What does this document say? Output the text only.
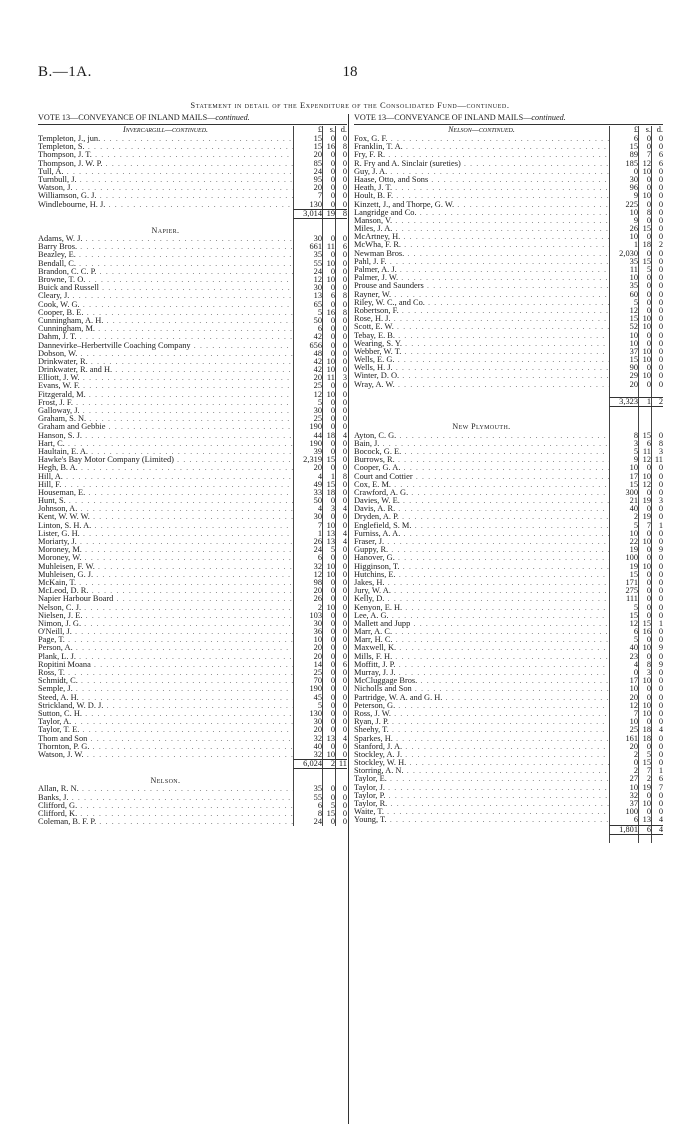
B.—1A.	18
Statement in detail of the Expenditure of the Consolidated Fund—continued.
VOTE 13—CONVEYANCE OF INLAND MAILS—continued.
Invercargill—continued.	£ s. d.
Templeton, J., jun. . . .	15	0 0
Templeton, S. . . .	15 16 8
Thompson, J. T. . . .	20	0 0
Thompson, J. W. P. . . .	85	0 0
Tull, A. . . .	24	0 0
Turnbull, J. . . .	95	0 0
Watson, J. . . .	20	0 0
Williamson, G. J. . . .	7	0 0
Windlebourne, H. J. . . .	130	0 0
3,014 19 8
Napier.
Adams, W. J. . . .	30	0 0
Barry Bros. . . .	661 11 6
Beazley, E. . . .	35	0 0
Bendall, C. . . .	55 10 0
Brandon, C. C. P. . . .	24	0 0
Browne, T. O. . . .	12 10 0
Buick and Russell . . .	30	0 0
Cleary, J. . . .	13	6 8
Cook, W. G. . . .	65	0 0
Cooper, B. E. . . .	5 16 8
Cunningham, A. H. . . .	50	0 0
Cunningham, M. . . .	6	0 0
Dahm, J. T. . . .	42	0 0
Dannevirke–Herbertville Coaching Company . . .	656	0 0
Dobson, W. . . .	48	0 0
Drinkwater, R. . . .	42 10 0
Drinkwater, R. and H. . . .	42 10 0
Elliott, J. W. . . .	20 11 3
Evans, W. F. . . .	25	0 0
Fitzgerald, M. . . .	12 10 0
Frost, J. F. . . .	5	0 0
Galloway, J. . . .	30	0 0
Graham, S. N. . . .	25	0 0
Graham and Gebbie . . .	190	0 0
Hanson, S. J. . . .	44 18 4
Hart, C. . . .	190	0 0
Haultain, E. A. . . .	39	0 0
Hawke's Bay Motor Company (Limited) . . .	2,319 15 0
Hegh, B. A. . . .	20	0 0
Hill, A. . . .	4	1 8
Hill, F. . . .	49 15 0
Houseman, E. . . .	33 18 0
Hunt, S. . . .	50	0 0
Johnson, A. . . .	4	3 4
Kent, W. W. W. . . .	30	0 0
Linton, S. H. A. . . .	7 10 0
Lister, G. H. . . .	1 13 4
Moriarty, J. . . .	26 13 4
Moroney, M. . . .	24	5 0
Moroney, W. . . .	6	0 0
Muhleisen, F. W. . . .	32 10 0
Muhleisen, G. J. . . .	12 10 0
McKain, T. . . .	98	0 0
McLeod, D. R. . . .	20	0 0
Napier Harbour Board . . .	26	0 0
Nelson, C. J. . . .	2 10 0
Nielsen, J. E. . . .	103	0 0
Nimon, J. G. . . .	30	0 0
O'Neill, J. . . .	36	0 0
Page, T. . . .	10	0 0
Person, A. . . .	20	0 0
Plank, L. J. . . .	20	0 0
Ropitini Moana . . .	14	0 6
Ross, T. . . .	25	0 0
Schmidt, C. . . .	70	0 0
Semple, J. . . .	190	0 0
Steed, A. H. . . .	45	0 0
Strickland, W. D. J. . . .	5	0 0
Sutton, C. H. . . .	130	0 0
Taylor, A. . . .	30	0 0
Taylor, T. E. . . .	20	0 0
Thom and Son . . .	32 13 4
Thornton, P. G. . . .	40	0 0
Watson, J. W. . . .	32 10 0
6,024	2 11
Nelson.
Allan, R. N. . . .	35	0 0
Banks, J. . . .	55	0 0
Clifford, G. . . .	6	5 0
Clifford, K. . . .	8 15 0
Coleman, B. F. P. . . .	24	0 0
VOTE 13—CONVEYANCE OF INLAND MAILS—continued.
Nelson—continued.	£ s. d.
Fox, G. F. . . .	6	0 0
Franklin, T. A. . . .	15	0 0
Fry, F. R. . . .	89	7 6
R. Fry and A. Sinclair (sureties) . . .	185 12 6
Guy, J. A. . . .	0 10 0
Haase, Otto, and Sons . . .	30	0 0
Heath, J. T. . . .	96	0 0
Hoult, B. F. . . .	9 10 0
Kinzett, J., and Thorpe, G. W. . . .	225	0 0
Langridge and Co. . . .	10	8 0
Manson, V. . . .	9	0 0
Miles, J. A. . . .	26 15 0
McArtney, H. . . .	10	0 0
McWha, F. R. . . .	1 18 2
Newman Bros. . . .	2,030	0 0
Pahl, J. F. . . .	35 15 0
Palmer, A. J. . . .	11	5 0
Palmer, J. W. . . .	10	0 0
Prouse and Saunders . . .	35	0 0
Rayner, W. . . .	60	0 0
Riley, W. C., and Co. . . .	5	0 0
Robertson, F. . . .	12	0 0
Rose, H. J. . . .	15 10 0
Scott, E. W. . . .	52 10 0
Tebay, E. B. . . .	10	0 0
Wearing, S. Y. . . .	10	0 0
Webber, W. T. . . .	37 10 0
Wells, E. G. . . .	15 10 0
Wells, H. J. . . .	90	0 0
Winter, D. O. . . .	29 10 0
Wray, A. W. . . .	20	0 0
3,323	1 2
New Plymouth.
Ayton, C. G. . . .	8 15 0
Bain, J. . . .	3	6 8
Bocock, G. E. . . .	5 11 3
Burrows, R. . . .	9 12 11
Cooper, G. A. . . .	10	0 0
Court and Cottier . . .	17 10 0
Cox, E. M. . . .	15 12 0
Crawford, A. G. . . .	300	0 0
Davies, W. E. . . .	21 19 3
Davis, A. R. . . .	40	0 0
Dryden, A. P. . . .	2 19 0
Englefield, S. M. . . .	5	7 1
Furniss, A. A. . . .	10	0 0
Fraser, J. . . .	22 10 0
Guppy, R. . . .	19	0 9
Hanover, G. . . .	100	0 0
Higginson, T. . . .	19 10 0
Hutchins, E. . . .	15	0 0
Jakes, H. . . .	171	0 0
Jury, W. A. . . .	275	0 0
Kelly, D. . . .	111	0 0
Kenyon, E. H. . . .	5	0 0
Lee, A. G. . . .	15	0 0
Mallett and Jupp . . .	12 15 1
Marr, A. C. . . .	6 16 0
Marr, H. C. . . .	5	0 0
Maxwell, K. . . .	40 10 9
Mills, F. H. . . .	23	0 0
Moffitt, J. P. . . .	4	8 9
Murray, J. J. . . .	0	3 0
McCluggage Bros. . . .	17 10 0
Nicholls and Son . . .	10	0 0
Partridge, W. A. and G. H. . . .	20	0 0
Peterson, G. . . .	12 10 0
Ross, J. W. . . .	7 10 0
Ryan, J. P. . . .	10	0 0
Sheehy, T. . . .	25 18 4
Sparkes, H. . . .	161 18 0
Stanford, J. A. . . .	20	0 0
Stockley, A. J. . . .	2	5 0
Stockley, W. H. . . .	0 15 0
Storring, A. N. . . .	2	7 1
Taylor, E. . . .	27	2 6
Taylor, J. . . .	10 19 7
Taylor, P. . . .	32	0 0
Taylor, R. . . .	37 10 0
Waite, T. . . .	100	0 0
Young, T. . . .	6 13 4
1,801	6 4
